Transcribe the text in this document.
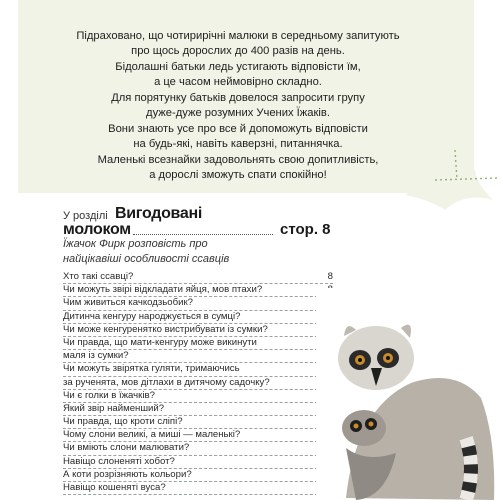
Підраховано, що чотирирічні малюки в середньому запитують
про щось дорослих до 400 разів на день.
Бідолашні батьки ледь устигають відповісти їм,
а це часом неймовірно складно.
Для порятунку батьків довелося запросити групу
дуже-дуже розумних Учених Їжаків.
Вони знають усе про все й допоможуть відповісти
на будь-які, навіть каверзні, питаннячка.
Маленькі всезнайки задовольнять свою допитливість,
а дорослі зможуть спати спокійно!
У розділі Вигодовані
молоком	стор. 8
Їжачок Фирк розповість про
найцікавіші особливості ссавців
Хто такі ссавці?	8
Чи можуть звірі відкладати яйця, мов птахи?
Чим живиться качкодзьобик?
Дитинча кенгуру народжується в сумці?
Чи може кенгуренятко вистрибувати із сумки?
Чи правда, що мати-кенгуру може викинути
маля із сумки?
Чи можуть звірятка гуляти, тримаючись
за рученята, мов дітлахи в дитячому садочку?
Чи є голки в їжачків?
Який звір найменший?
Чи правда, що кроти сліпі?
Чому слони великі, а миші — маленькі?
Чи вміють слони малювати?
Навіщо слоненяті хобот?
А коти розрізняють кольори?
Навіщо кошенятi вуса?
